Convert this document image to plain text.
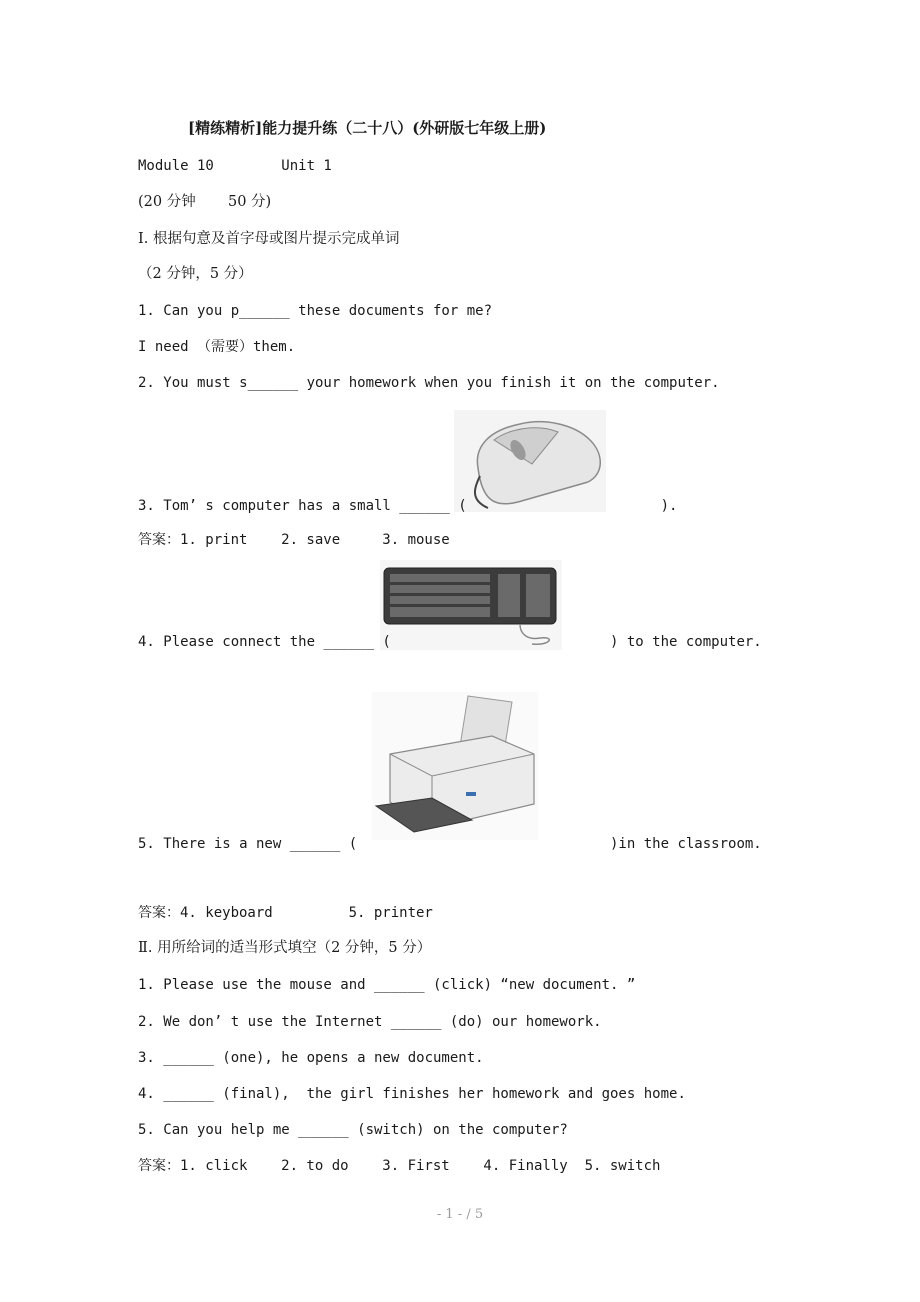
[精练精析]能力提升练（二十八）(外研版七年级上册)
Module 10        Unit 1
(20 分钟       50 分)
Ⅰ. 根据句意及首字母或图片提示完成单词
（2 分钟，5 分）
1. Can you p______ these documents for me?
I need （需要）them.
2. You must s______ your homework when you finish it on the computer.
3. Tom’ s computer has a small ______ (                       ).
答案：1. print    2. save     3. mouse
4. Please connect the ______ (                          ) to the computer.
5. There is a new ______ (                              )in the classroom.
答案：4. keyboard         5. printer
Ⅱ. 用所给词的适当形式填空（2 分钟，5 分）
1. Please use the mouse and ______ (click) “new document. ”
2. We don’ t use the Internet ______ (do) our homework.
3. ______ (one), he opens a new document.
4. ______ (final),  the girl finishes her homework and goes home.
5. Can you help me ______ (switch) on the computer?
答案：1. click    2. to do    3. First    4. Finally  5. switch
- 1 - / 5
